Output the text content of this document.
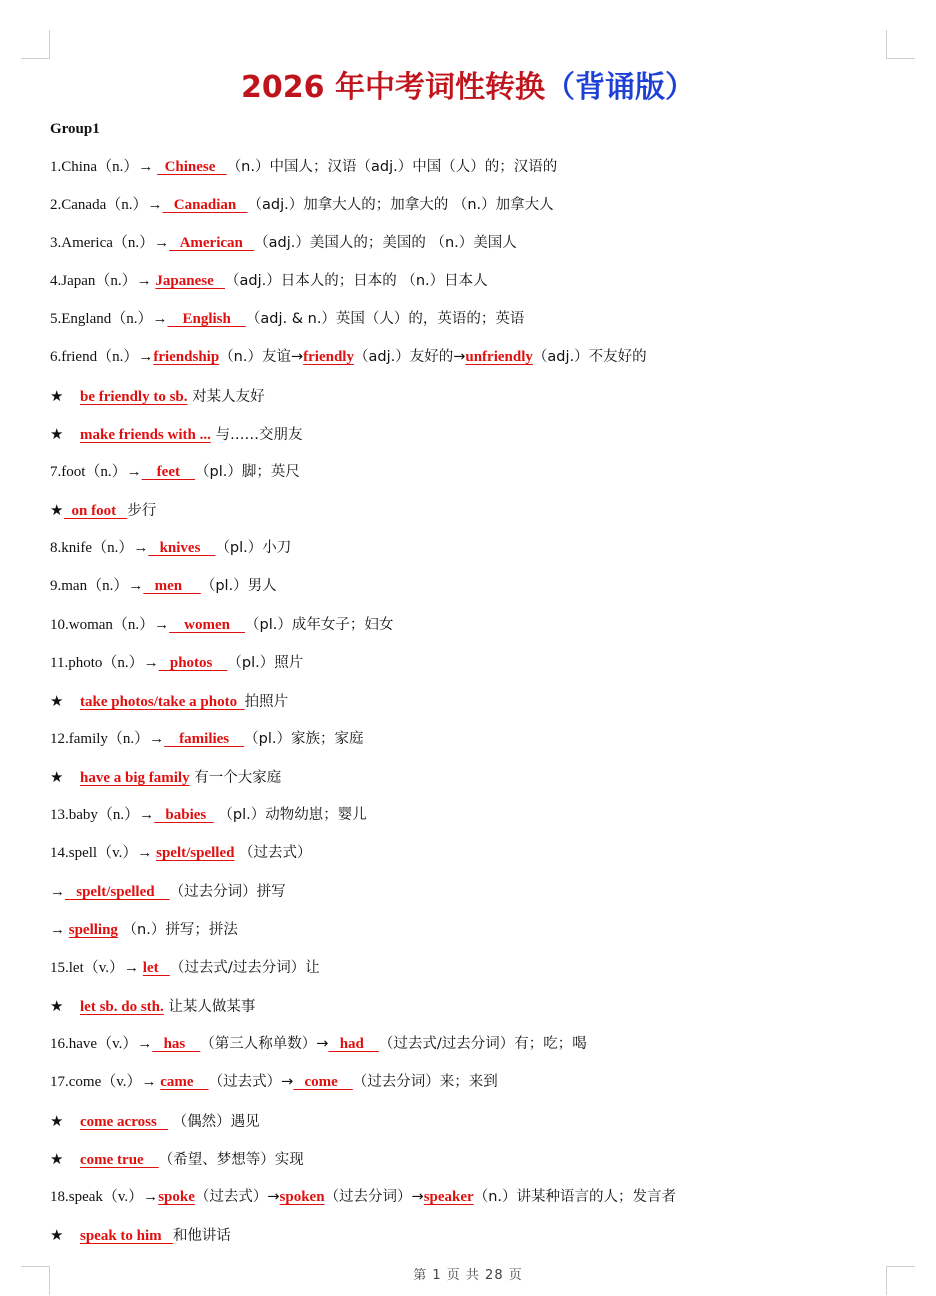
2026 年中考词性转换（背诵版）
Group1
1.China（n.）→   Chinese   （n.）中国人；汉语（adj.）中国（人）的；汉语的
2.Canada（n.）→   Canadian   （adj.）加拿大人的；加拿大的 （n.）加拿大人
3.America（n.）→   American   （adj.）美国人的；美国的 （n.）美国人
4.Japan（n.）→ Japanese   （adj.）日本人的；日本的 （n.）日本人
5.England（n.）→    English    （adj. & n.）英国（人）的，英语的；英语
6.friend（n.）→friendship（n.）友谊→friendly（adj.）友好的→unfriendly（adj.）不友好的
★ be friendly to sb. 对某人友好
★ make friends with ... 与……交朋友
7.foot（n.）→    feet    （pl.）脚；英尺
★  on foot   步行
8.knife（n.）→   knives    （pl.）小刀
9.man（n.）→   men     （pl.）男人
10.woman（n.）→    women    （pl.）成年女子；妇女
11.photo（n.）→   photos    （pl.）照片
★ take photos/take a photo  拍照片
12.family（n.）→    families    （pl.）家族；家庭
★ have a big family 有一个大家庭
13.baby（n.）→   babies   （pl.）动物幼崽；婴儿
14.spell（v.）→ spelt/spelled （过去式）
→   spelt/spelled    （过去分词）拼写
→ spelling （n.）拼写；拼法
15.let（v.）→ let   （过去式/过去分词）让
★ let sb. do sth. 让某人做某事
16.have（v.）→   has    （第三人称单数）→   had    （过去式/过去分词）有；吃；喝
17.come（v.）→ came    （过去式）→   come    （过去分词）来；来到
★ come across    （偶然）遇见
★ come true    （希望、梦想等）实现
18.speak（v.）→spoke（过去式）→spoken（过去分词）→speaker（n.）讲某种语言的人；发言者
★ speak to him   和他讲话
第 1 页 共 28 页
